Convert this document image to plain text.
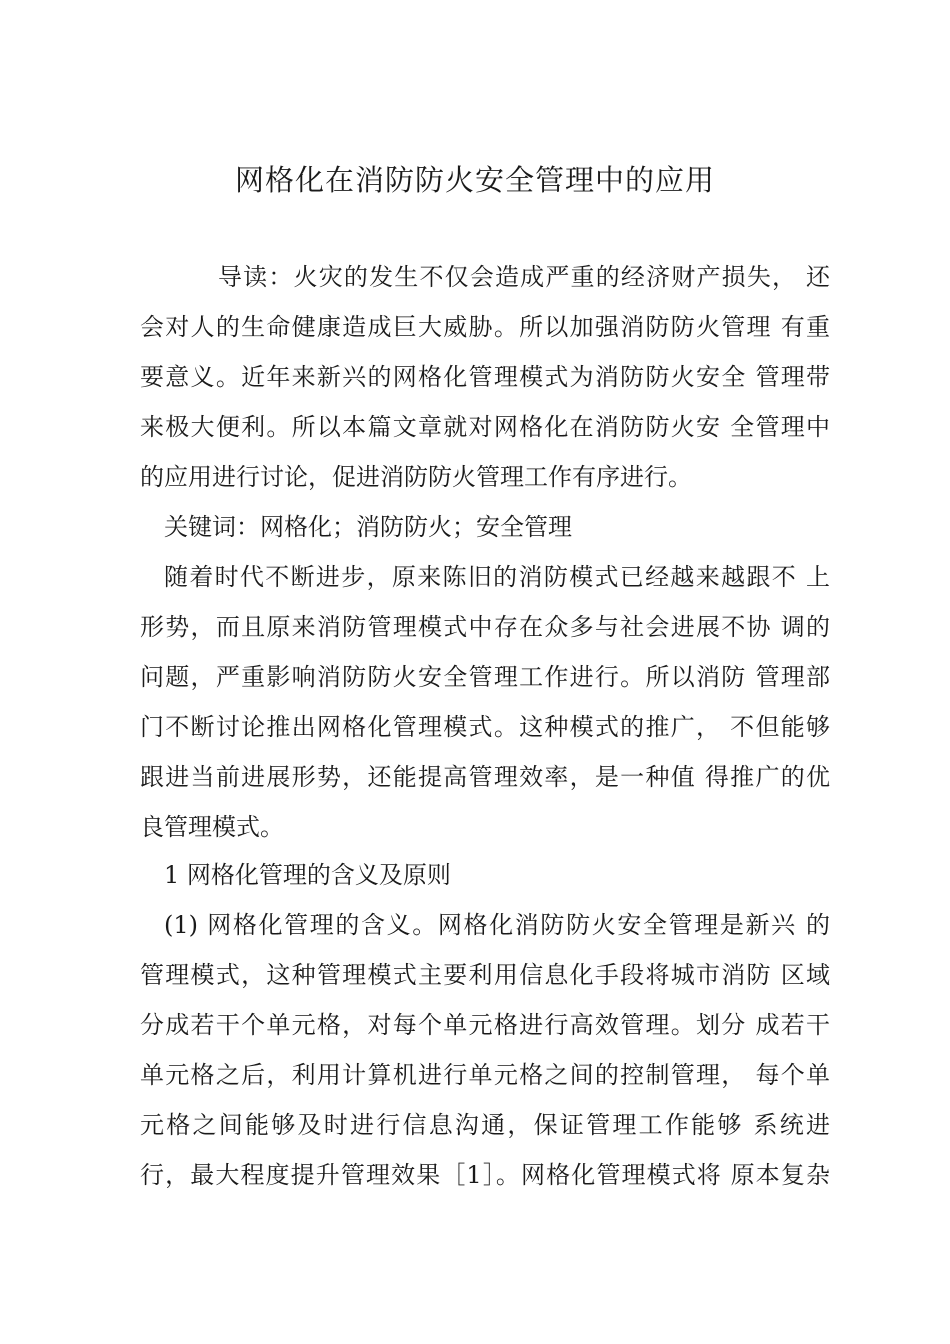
网格化在消防防火安全管理中的应用
导读：火灾的发生不仅会造成严重的经济财产损失， 还
会对人的生命健康造成巨大威胁。所以加强消防防火管理 有重
要意义。近年来新兴的网格化管理模式为消防防火安全 管理带
来极大便利。所以本篇文章就对网格化在消防防火安 全管理中
的应用进行讨论，促进消防防火管理工作有序进行。
关键词：网格化；消防防火；安全管理
随着时代不断进步，原来陈旧的消防模式已经越来越跟不 上
形势，而且原来消防管理模式中存在众多与社会进展不协 调的
问题，严重影响消防防火安全管理工作进行。所以消防 管理部
门不断讨论推出网格化管理模式。这种模式的推广， 不但能够
跟进当前进展形势，还能提高管理效率，是一种值 得推广的优
良管理模式。
1 网格化管理的含义及原则
(1) 网格化管理的含义。网格化消防防火安全管理是新兴 的
管理模式，这种管理模式主要利用信息化手段将城市消防 区域
分成若干个单元格，对每个单元格进行高效管理。划分 成若干
单元格之后，利用计算机进行单元格之间的控制管理， 每个单
元格之间能够及时进行信息沟通，保证管理工作能够 系统进
行，最大程度提升管理效果［1］。网格化管理模式将 原本复杂
